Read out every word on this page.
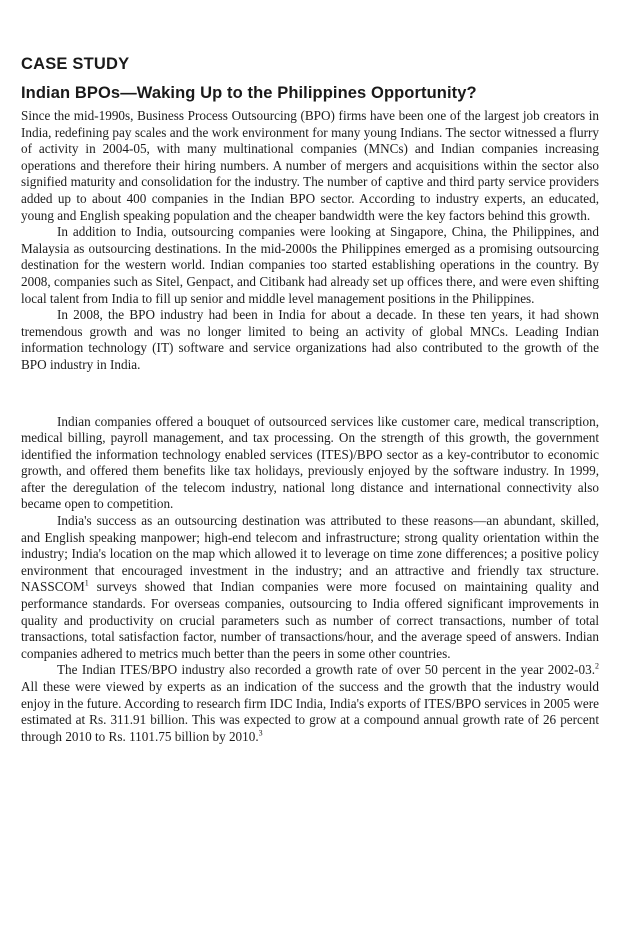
CASE STUDY
Indian BPOs—Waking Up to the Philippines Opportunity?

Since the mid-1990s, Business Process Outsourcing (BPO) firms have been one of the largest job creators in India, redefining pay scales and the work environment for many young Indians. The sector witnessed a flurry of activity in 2004-05, with many multinational companies (MNCs) and Indian companies increasing operations and therefore their hiring numbers. A number of mergers and acquisitions within the sector also signified maturity and consolidation for the industry. The number of captive and third party service providers added up to about 400 companies in the Indian BPO sector. According to industry experts, an educated, young and English speaking population and the cheaper bandwidth were the key factors behind this growth.

In addition to India, outsourcing companies were looking at Singapore, China, the Philippines, and Malaysia as outsourcing destinations. In the mid-2000s the Philippines emerged as a promising outsourcing destination for the western world. Indian companies too started establishing operations in the country. By 2008, companies such as Sitel, Genpact, and Citibank had already set up offices there, and were even shifting local talent from India to fill up senior and middle level management positions in the Philippines.

In 2008, the BPO industry had been in India for about a decade. In these ten years, it had shown tremendous growth and was no longer limited to being an activity of global MNCs. Leading Indian information technology (IT) software and service organizations had also contributed to the growth of the BPO industry in India.

Indian companies offered a bouquet of outsourced services like customer care, medical transcription, medical billing, payroll management, and tax processing. On the strength of this growth, the government identified the information technology enabled services (ITES)/BPO sector as a key-contributor to economic growth, and offered them benefits like tax holidays, previously enjoyed by the software industry. In 1999, after the deregulation of the telecom industry, national long distance and international connectivity also became open to competition.

India's success as an outsourcing destination was attributed to these reasons—an abundant, skilled, and English speaking manpower; high-end telecom and infrastructure; strong quality orientation within the industry; India's location on the map which allowed it to leverage on time zone differences; a positive policy environment that encouraged investment in the industry; and an attractive and friendly tax structure. NASSCOM$^1$ surveys showed that Indian companies were more focused on maintaining quality and performance standards. For overseas companies, outsourcing to India offered significant improvements in quality and productivity on crucial parameters such as number of correct transactions, number of total transactions, total satisfaction factor, number of transactions/hour, and the average speed of answers. Indian companies adhered to metrics much better than the peers in some other countries.

The Indian ITES/BPO industry also recorded a growth rate of over 50 percent in the year 2002-03.$^2$ All these were viewed by experts as an indication of the success and the growth that the industry would enjoy in the future. According to research firm IDC India, India's exports of ITES/BPO services in 2005 were estimated at Rs. 311.91 billion. This was expected to grow at a compound annual growth rate of 26 percent through 2010 to Rs. 1101.75 billion by 2010.$^3$
